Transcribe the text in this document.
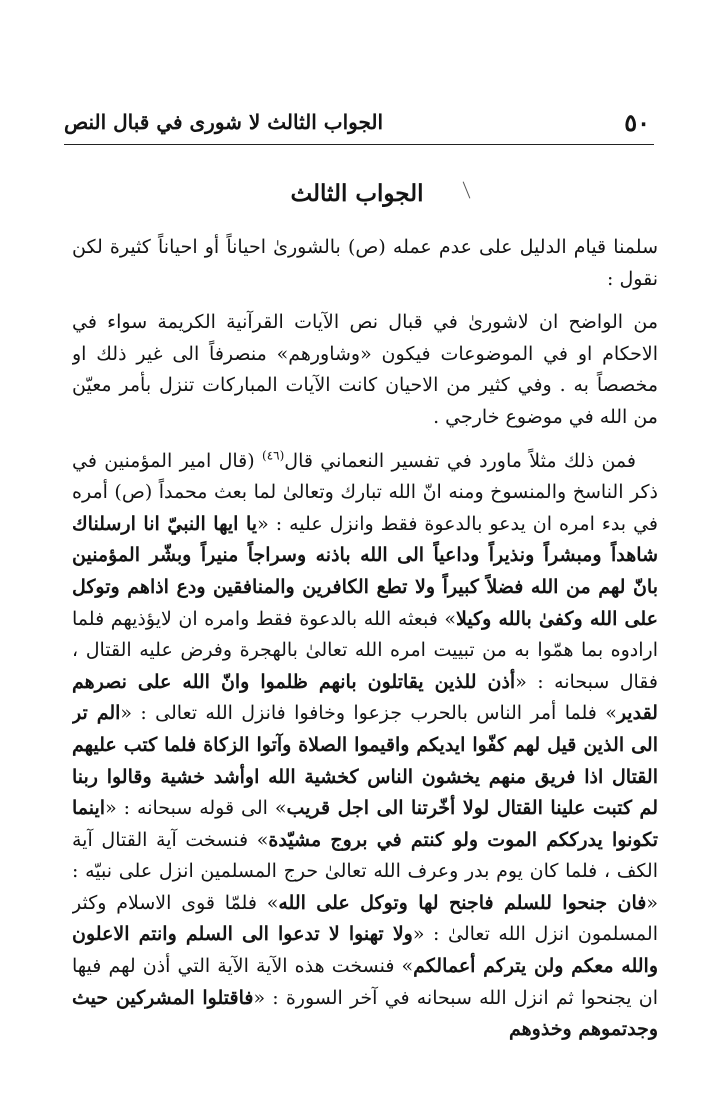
٥٠
الجواب الثالث لا شورى في قبال النص
الجواب الثالث

سلمنا قيام الدليل على عدم عمله (ص) بالشورىٰ احياناً أو احياناً كثيرة لكن نقول :

من الواضح ان لاشورىٰ في قبال نص الآيات القرآنية الكريمة سواء في الاحكام او في الموضوعات فيكون «وشاورهم» منصرفاً الى غير ذلك او مخصصاً به . وفي كثير من الاحيان كانت الآيات المباركات تنزل بأمر معيّن من الله في موضوع خارجي .

فمن ذلك مثلاً ماورد في تفسير النعماني قال$^{(٤٦)}$ (قال امير المؤمنين في ذكر الناسخ والمنسوخ ومنه انّ الله تبارك وتعالىٰ لما بعث محمداً (ص) أمره في بدء امره ان يدعو بالدعوة فقط وانزل عليه : «يا ايها النبيّ انا ارسلناك شاهداً ومبشراً ونذيراً وداعياً الى الله باذنه وسراجاً منيراً وبشّر المؤمنين بانّ لهم من الله فضلاً كبيراً ولا تطع الكافرين والمنافقين ودع اذاهم وتوكل على الله وكفىٰ بالله وكيلا» فبعثه الله بالدعوة فقط وامره ان لايؤذيهم فلما ارادوه بما همّوا به من تبييت امره الله تعالىٰ بالهجرة وفرض عليه القتال ، فقال سبحانه : «أذن للذين يقاتلون بانهم ظلموا وانّ الله على نصرهم لقدير» فلما أمر الناس بالحرب جزعوا وخافوا فانزل الله تعالى : «الم تر الى الذين قيل لهم كفّوا ايديكم واقيموا الصلاة وآتوا الزكاة فلما كتب عليهم القتال اذا فريق منهم يخشون الناس كخشية الله اوأشد خشية وقالوا ربنا لم كتبت علينا القتال لولا أخّرتنا الى اجل قريب» الى قوله سبحانه : «اينما تكونوا يدرككم الموت ولو كنتم في بروج مشيّدة» فنسخت آية القتال آية الكف ، فلما كان يوم بدر وعرف الله تعالىٰ حرج المسلمين انزل على نبيّه : «فان جنحوا للسلم فاجنح لها وتوكل على الله» فلمّا قوى الاسلام وكثر المسلمون انزل الله تعالىٰ : «ولا تهنوا لا تدعوا الى السلم وانتم الاعلون والله معكم ولن يتركم أعمالكم» فنسخت هذه الآية الآية التي أذن لهم فيها ان يجنحوا ثم انزل الله سبحانه في آخر السورة : «فاقتلوا المشركين حيث وجدتموهم وخذوهم
